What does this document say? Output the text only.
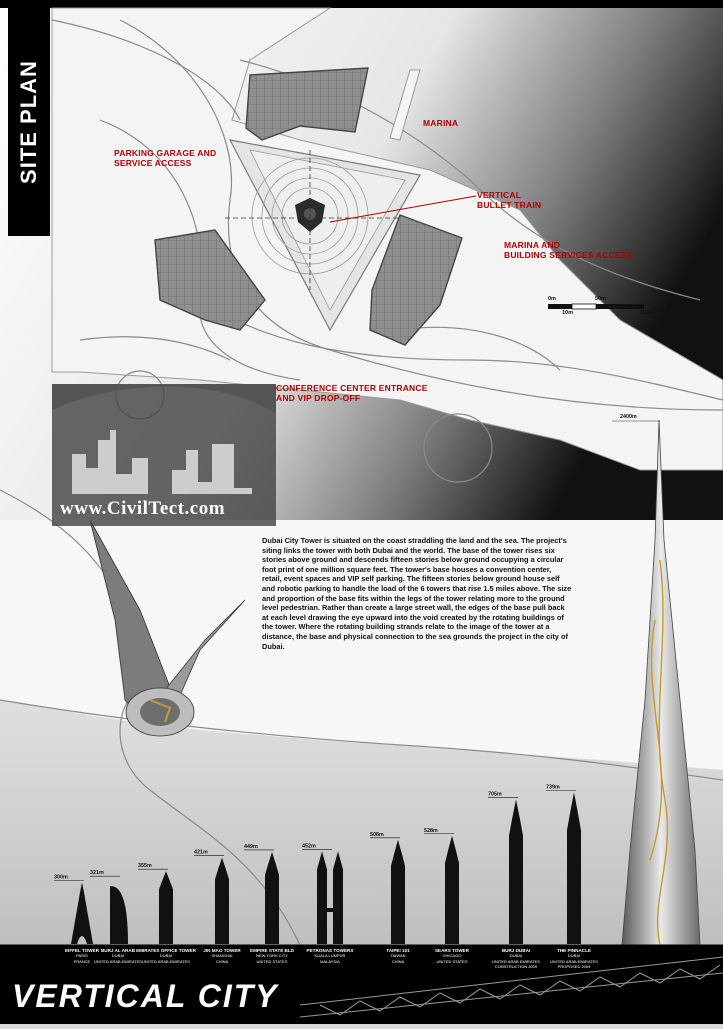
SITE PLAN	PARKING GARAGE AND
SERVICE ACCESS
MARINA
VERTICAL
BULLET TRAIN
MARINA AND
BUILDING SERVICES ACCESS
CONFERENCE CENTER ENTRANCE
AND VIP DROP-OFF
0m	50m
10m	100m
2400m
www.CivilTect.com
Dubai City Tower is situated on the coast straddling the land and the sea. The project's siting links the tower with both Dubai and the world. The base of the tower rises six stories above ground and descends fifteen stories below ground occupying a circular foot print of one million square feet. The tower's base houses a convention center, retail, event spaces and VIP self parking. The fifteen stories below ground house self and robotic parking to handle the load of the 6 towers that rise 1.5 miles above. The size and proportion of the base fits within the legs of the tower relating more to the ground level pedestrian. Rather than create a large street wall, the edges of the base pull back at each level drawing the eye upward into the void created by the rotating buildings of the tower. Where the rotating building strands relate to the image of the tower at a distance, the base and physical connection to the sea grounds the project in the city of Dubai.
300m
321m
355m
421m
449m	452m
508m
528m
705m
739m
VERTICAL CITY
EIFFEL TOWER
PARIS
FRANCE
BURJ AL ARAB
DUBAI
UNITED ARAB EMIRATES
EMIRATES OFFICE TOWER
DUBAI
UNITED ARAB EMIRATES
JIN MAO TOWER
SHANGHAI
CHINA
EMPIRE STATE BLD
NEW YORK CITY
UNITED STATES
PETRONAS TOWERS
KUALA LUMPUR
MALAYSIA
TAIPEI 101
TAIWAN
CHINA
SEARS TOWER
CHICAGO
UNITED STATES
BURJ DUBAI
DUBAI
UNITED ARAB EMIRATES
CONSTRUCTION 2009
THE PINNACLE
DUBAI
UNITED ARAB EMIRATES
PROPOSED 2009
